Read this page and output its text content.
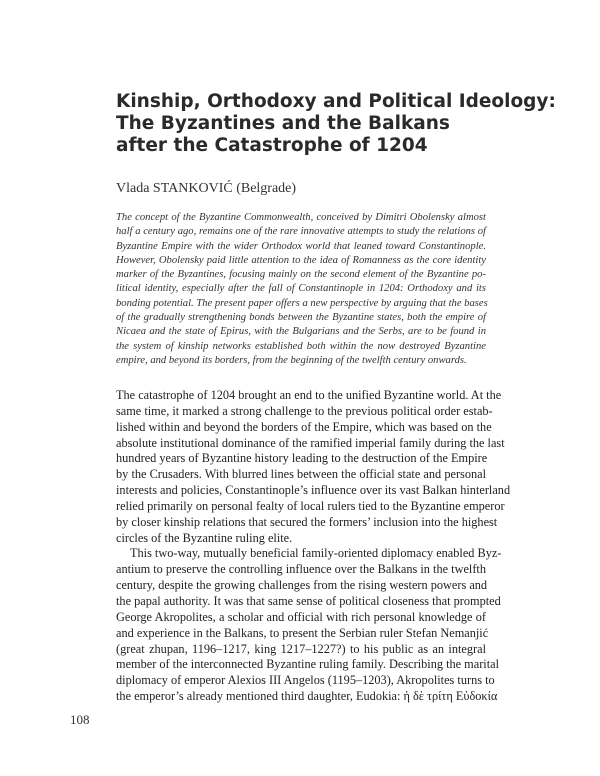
Kinship, Orthodoxy and Political Ideology:
The Byzantines and the Balkans
after the Catastrophe of 1204
Vlada STANKOVIĆ (Belgrade)
The concept of the Byzantine Commonwealth, conceived by Dimitri Obolensky almost
half a century ago, remains one of the rare innovative attempts to study the relations of
Byzantine Empire with the wider Orthodox world that leaned toward Constantinople.
However, Obolensky paid little attention to the idea of Romanness as the core identity
marker of the Byzantines, focusing mainly on the second element of the Byzantine po-
litical identity, especially after the fall of Constantinople in 1204: Orthodoxy and its
bonding potential. The present paper offers a new perspective by arguing that the bases
of the gradually strengthening bonds between the Byzantine states, both the empire of
Nicaea and the state of Epirus, with the Bulgarians and the Serbs, are to be found in
the system of kinship networks established both within the now destroyed Byzantine
empire, and beyond its borders, from the beginning of the twelfth century onwards.

The catastrophe of 1204 brought an end to the unified Byzantine world. At the
same time, it marked a strong challenge to the previous political order estab-
lished within and beyond the borders of the Empire, which was based on the
absolute institutional dominance of the ramified imperial family during the last
hundred years of Byzantine history leading to the destruction of the Empire
by the Crusaders. With blurred lines between the official state and personal
interests and policies, Constantinople’s influence over its vast Balkan hinterland
relied primarily on personal fealty of local rulers tied to the Byzantine emperor
by closer kinship relations that secured the formers’ inclusion into the highest
circles of the Byzantine ruling elite.

This two-way, mutually beneficial family-oriented diplomacy enabled Byz-
antium to preserve the controlling influence over the Balkans in the twelfth
century, despite the growing challenges from the rising western powers and
the papal authority. It was that same sense of political closeness that prompted
George Akropolites, a scholar and official with rich personal knowledge of
and experience in the Balkans, to present the Serbian ruler Stefan Nemanjić
(great zhupan, 1196–1217, king 1217–1227?) to his public as an integral
member of the interconnected Byzantine ruling family. Describing the marital
diplomacy of emperor Alexios III Angelos (1195–1203), Akropolites turns to
the emperor’s already mentioned third daughter, Eudokia: ἡ δὲ τρίτη Εὐδοκία

108
